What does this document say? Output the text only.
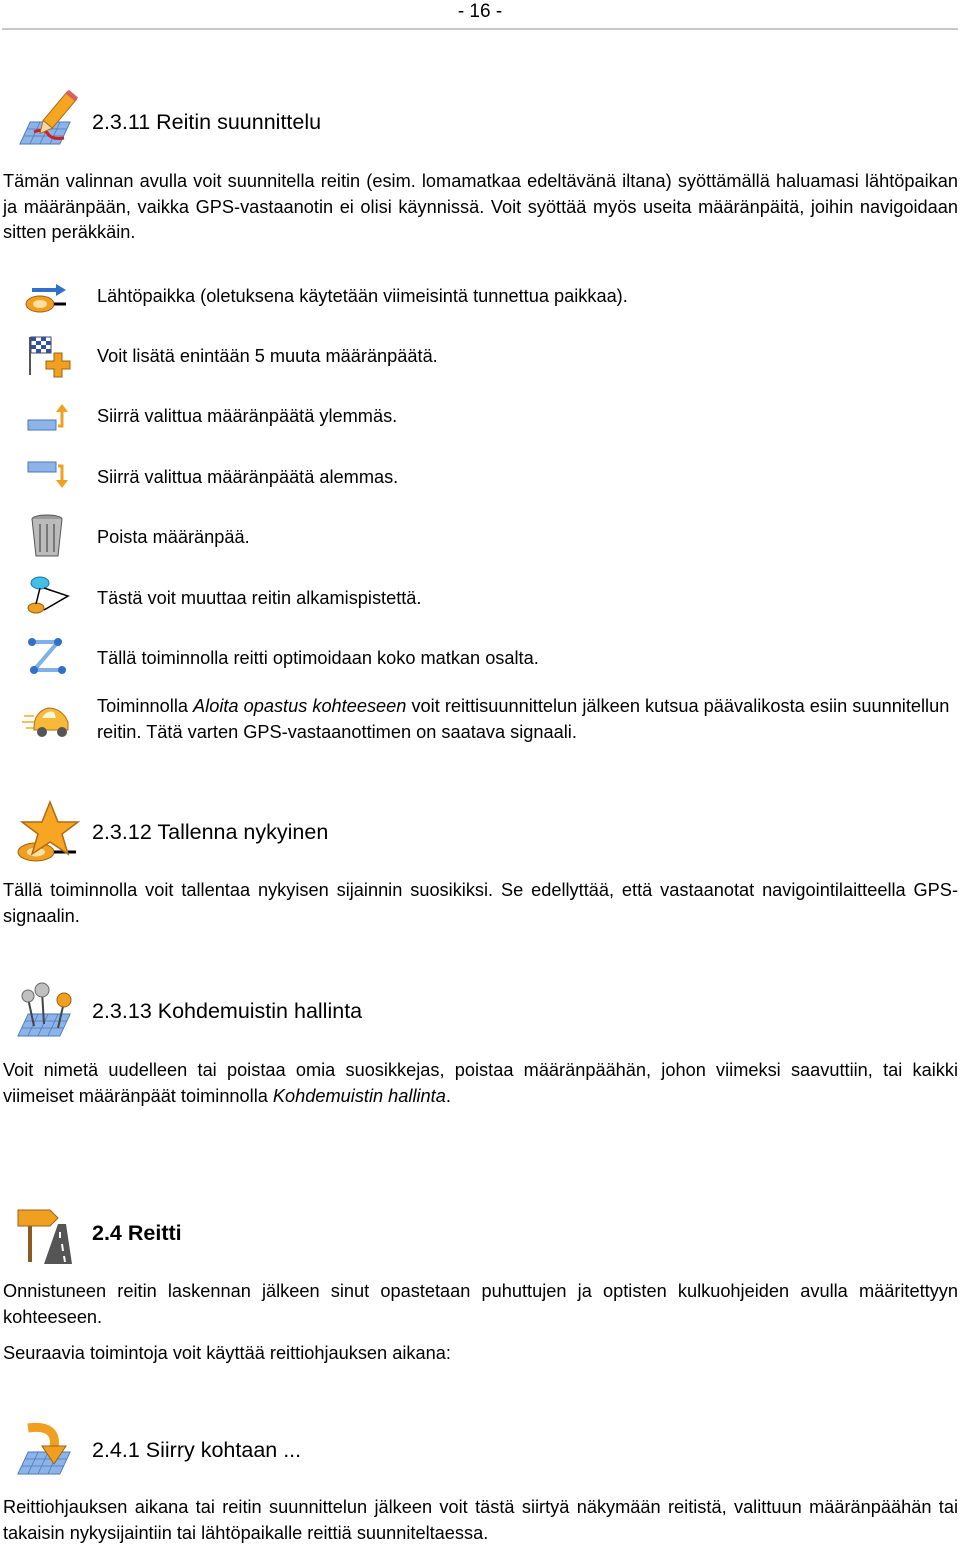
- 16 -
2.3.11 Reitin suunnittelu
Tämän valinnan avulla voit suunnitella reitin (esim. lomamatkaa edeltävänä iltana) syöttämällä haluamasi lähtöpaikan ja määränpään, vaikka GPS-vastaanotin ei olisi käynnissä. Voit syöttää myös useita määränpäitä, joihin navigoidaan sitten peräkkäin.
Lähtöpaikka (oletuksena käytetään viimeisintä tunnettua paikkaa).
Voit lisätä enintään 5 muuta määränpäätä.
Siirrä valittua määränpäätä ylemmäs.
Siirrä valittua määränpäätä alemmas.
Poista määränpää.
Tästä voit muuttaa reitin alkamispistettä.
Tällä toiminnolla reitti optimoidaan koko matkan osalta.
Toiminnolla Aloita opastus kohteeseen voit reittisuunnittelun jälkeen kutsua päävalikosta esiin suunnitellun reitin. Tätä varten GPS-vastaanottimen on saatava signaali.
2.3.12 Tallenna nykyinen
Tällä toiminnolla voit tallentaa nykyisen sijainnin suosikiksi. Se edellyttää, että vastaanotat navigointilaitteella GPS-signaalin.
2.3.13 Kohdemuistin hallinta
Voit nimetä uudelleen tai poistaa omia suosikkejas, poistaa määränpäähän, johon viimeksi saavuttiin, tai kaikki viimeiset määränpäät toiminnolla Kohdemuistin hallinta.
2.4 Reitti
Onnistuneen reitin laskennan jälkeen sinut opastetaan puhuttujen ja optisten kulkuohjeiden avulla määritettyyn kohteeseen.
Seuraavia toimintoja voit käyttää reittiohjauksen aikana:
2.4.1 Siirry kohtaan ...
Reittiohjauksen aikana tai reitin suunnittelun jälkeen voit tästä siirtyä näkymään reitistä, valittuun määränpäähän tai takaisin nykysijaintiin tai lähtöpaikalle reittiä suunniteltaessa.
